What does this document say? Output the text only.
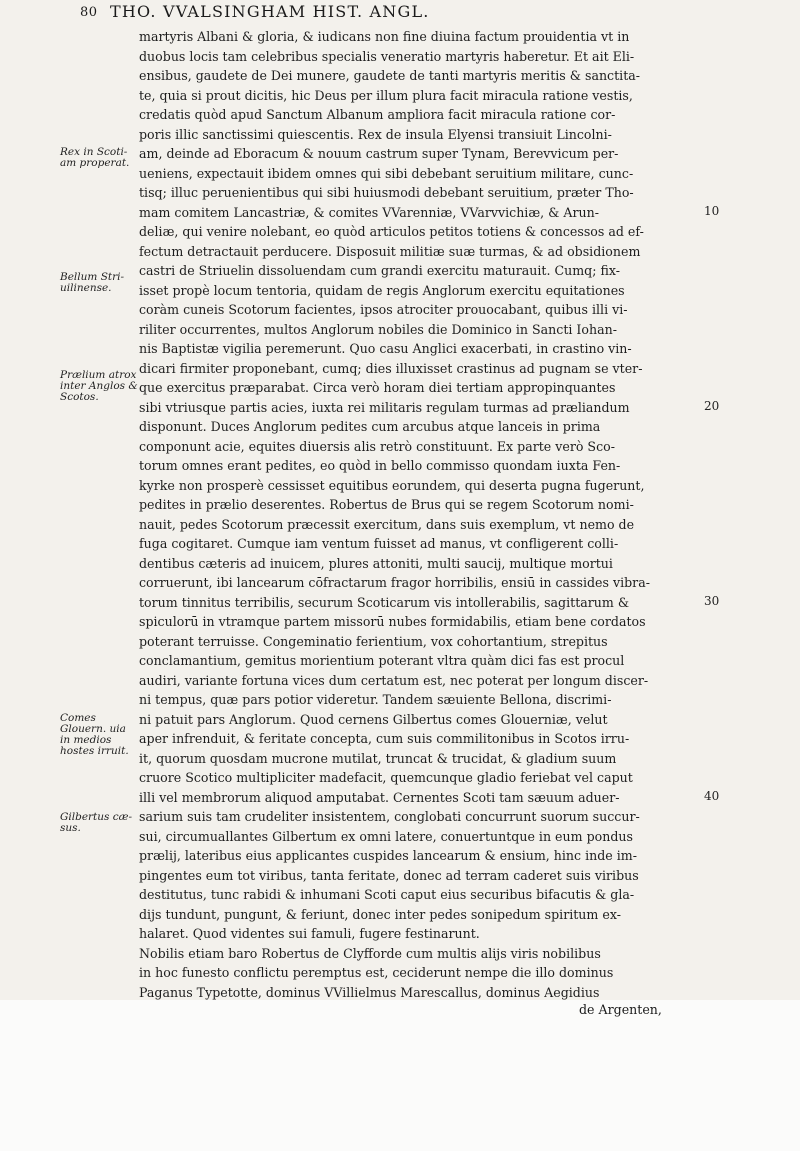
80 THO. VVALSINGHAM HIST. ANGL.
Rex in Scoti-am properat.
Bellum Stri-uilinense.
Prælium atrox inter Anglos & Scotos.
Comes Glouern. uia in medios hostes irruit.
Gilbertus cæ-sus.
martyris Albani & gloria, & iudicans non fine diuina factum prouidentia vt in
duobus locis tam celebribus specialis veneratio martyris haberetur. Et ait Eli-
ensibus, gaudete de Dei munere, gaudete de tanti martyris meritis & sanctita-
te, quia si prout dicitis, hic Deus per illum plura facit miracula ratione vestis,
credatis quòd apud Sanctum Albanum ampliora facit miracula ratione cor-
poris illic sanctissimi quiescentis. Rex de insula Elyensi transiuit Lincolni-
am, deinde ad Eboracum & nouum castrum super Tynam, Berevvicum per-
ueniens, expectauit ibidem omnes qui sibi debebant seruitium militare, cunc-
tisq; illuc peruenientibus qui sibi huiusmodi debebant seruitium, præter Tho-
mam comitem Lancastriæ, & comites VVarenniæ, VVarvvichiæ, & Arun-
deliæ, qui venire nolebant, eo quòd articulos petitos totiens & concessos ad ef-
fectum detractauit perducere. Disposuit militiæ suæ turmas, & ad obsidionem
castri de Striuelin dissoluendam cum grandi exercitu maturauit. Cumq; fix-
isset propè locum tentoria, quidam de regis Anglorum exercitu equitationes
coràm cuneis Scotorum facientes, ipsos atrociter prouocabant, quibus illi vi-
riliter occurrentes, multos Anglorum nobiles die Dominico in Sancti Iohan-
nis Baptistæ vigilia peremerunt. Quo casu Anglici exacerbati, in crastino vin-
dicari firmiter proponebant, cumq; dies illuxisset crastinus ad pugnam se vter-
que exercitus præparabat. Circa verò horam diei tertiam appropinquantes
sibi vtriusque partis acies, iuxta rei militaris regulam turmas ad præliandum
disponunt. Duces Anglorum pedites cum arcubus atque lanceis in prima
componunt acie, equites diuersis alis retrò constituunt. Ex parte verò Sco-
torum omnes erant pedites, eo quòd in bello commisso quondam iuxta Fen-
kyrke non prosperè cessisset equitibus eorundem, qui deserta pugna fugerunt,
pedites in prælio deserentes. Robertus de Brus qui se regem Scotorum nomi-
nauit, pedes Scotorum præcessit exercitum, dans suis exemplum, vt nemo de
fuga cogitaret. Cumque iam ventum fuisset ad manus, vt confligerent colli-
dentibus cæteris ad inuicem, plures attoniti, multi saucij, multique mortui
corruerunt, ibi lancearum cōfractarum fragor horribilis, ensiū in cassides vibra-
torum tinnitus terribilis, securum Scoticarum vis intollerabilis, sagittarum &
spiculorū in vtramque partem missorū nubes formidabilis, etiam bene cordatos
poterant terruisse. Congeminatio ferientium, vox cohortantium, strepitus
conclamantium, gemitus morientium poterant vltra quàm dici fas est procul
audiri, variante fortuna vices dum certatum est, nec poterat per longum discer-
ni tempus, quæ pars potior videretur. Tandem sæuiente Bellona, discrimi-
ni patuit pars Anglorum. Quod cernens Gilbertus comes Glouerniæ, velut
aper infrenduit, & feritate concepta, cum suis commilitonibus in Scotos irru-
it, quorum quosdam mucrone mutilat, truncat & trucidat, & gladium suum
cruore Scotico multipliciter madefacit, quemcunque gladio feriebat vel caput
illi vel membrorum aliquod amputabat. Cernentes Scoti tam sæuum aduer-
sarium suis tam crudeliter insistentem, conglobati concurrunt suorum succur-
sui, circumuallantes Gilbertum ex omni latere, conuertuntque in eum pondus
prælij, lateribus eius applicantes cuspides lancearum & ensium, hinc inde im-
pingentes eum tot viribus, tanta feritate, donec ad terram caderet suis viribus
destitutus, tunc rabidi & inhumani Scoti caput eius securibus bifacutis & gla-
dijs tundunt, pungunt, & feriunt, donec inter pedes sonipedum spiritum ex-
halaret. Quod videntes sui famuli, fugere festinarunt.
Nobilis etiam baro Robertus de Clyfforde cum multis alijs viris nobilibus
in hoc funesto conflictu peremptus est, ceciderunt nempe die illo dominus
Paganus Typetotte, dominus VVillielmus Marescallus, dominus Aegidius
10
20
30
40
de Argenten,
